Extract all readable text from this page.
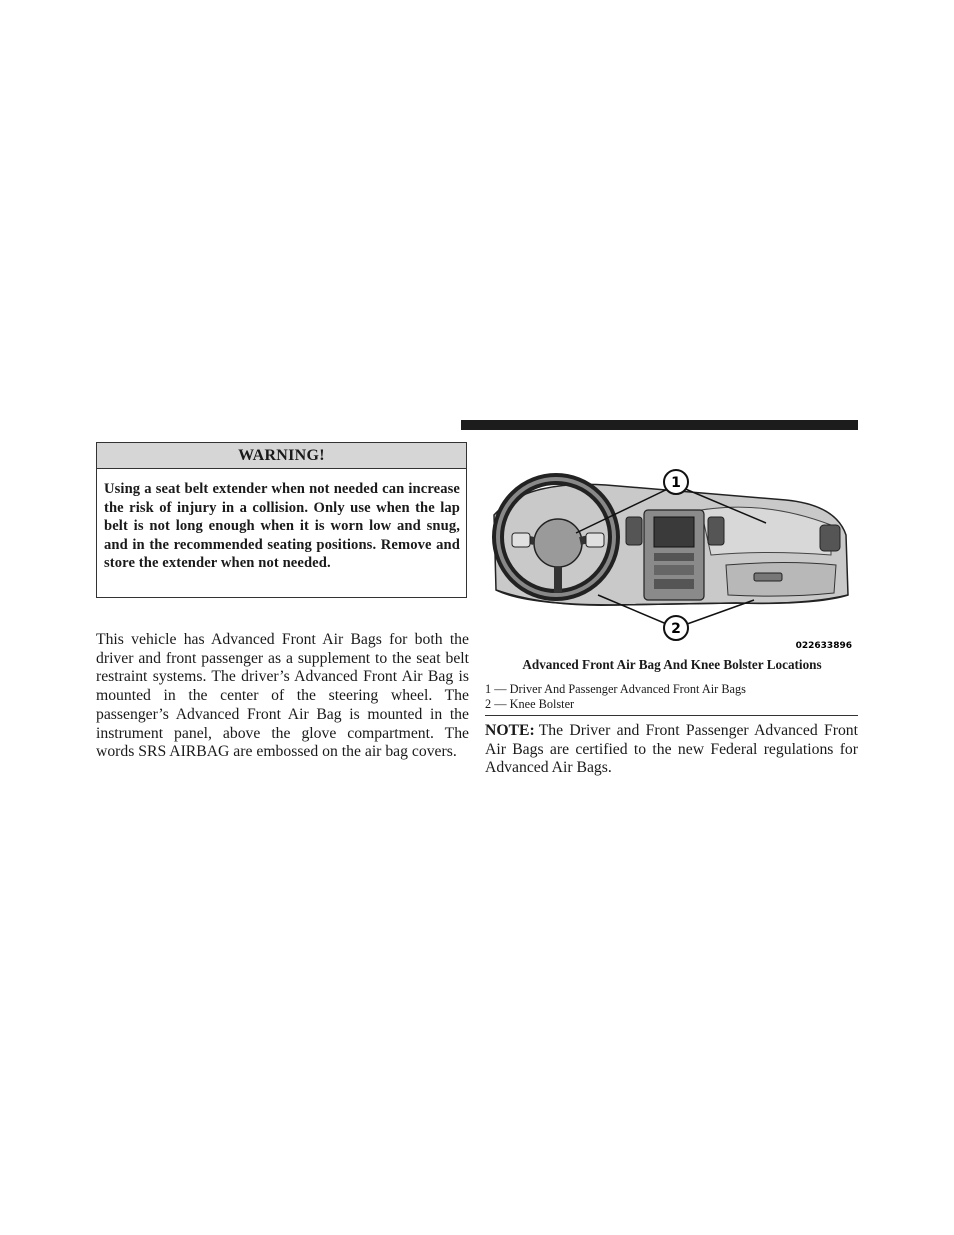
WARNING!
Using a seat belt extender when not needed can increase the risk of injury in a collision. Only use when the lap belt is not long enough when it is worn low and snug, and in the recommended seating positions. Remove and store the extender when not needed.
This vehicle has Advanced Front Air Bags for both the driver and front passenger as a supplement to the seat belt restraint systems. The driver’s Advanced Front Air Bag is mounted in the center of the steering wheel. The passenger’s Advanced Front Air Bag is mounted in the instrument panel, above the glove compartment. The words SRS AIRBAG are embossed on the air bag covers.
1
2
022633896
Advanced Front Air Bag And Knee Bolster Locations
1 — Driver And Passenger Advanced Front Air Bags
2 — Knee Bolster
NOTE: The Driver and Front Passenger Advanced Front Air Bags are certified to the new Federal regulations for Advanced Air Bags.
